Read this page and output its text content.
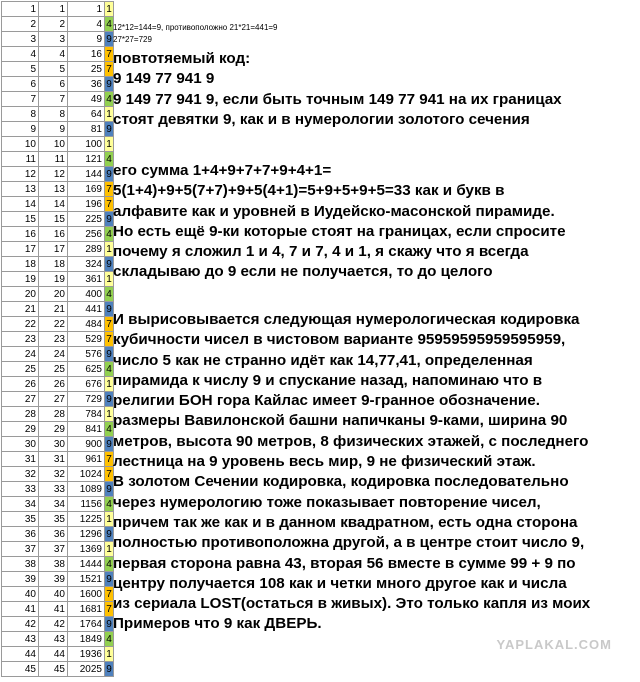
1	1	1	1
2	2	4	4
3	3	9	9
4	4	16	7
5	5	25	7
6	6	36	9
7	7	49	4
8	8	64	1
9	9	81	9
10	10	100	1
11	11	121	4
12	12	144	9
13	13	169	7
14	14	196	7
15	15	225	9
16	16	256	4
17	17	289	1
18	18	324	9
19	19	361	1
20	20	400	4
21	21	441	9
22	22	484	7
23	23	529	7
24	24	576	9
25	25	625	4
26	26	676	1
27	27	729	9
28	28	784	1
29	29	841	4
30	30	900	9
31	31	961	7
32	32	1024	7
33	33	1089	9
34	34	1156	4
35	35	1225	1
36	36	1296	9
37	37	1369	1
38	38	1444	4
39	39	1521	9
40	40	1600	7
41	41	1681	7
42	42	1764	9
43	43	1849	4
44	44	1936	1
45	45	2025	9
12*12=144=9, противоположно 21*21=441=9
27*27=729
повтотяемый код:
9 149 77 941 9
9 149 77 941 9, если быть точным 149 77 941 на их границах
стоят девятки 9, как и в нумерологии золотого сечения
его сумма 1+4+9+7+7+9+4+1=
5(1+4)+9+5(7+7)+9+5(4+1)=5+9+5+9+5=33 как и букв в
алфавите как и уровней в Иудейско-масонской пирамиде.
Но есть ещё 9-ки которые стоят на границах, если спросите
почему я сложил 1 и 4, 7 и 7, 4 и 1, я скажу что я всегда
складываю до 9 если не получается, то до целого
И вырисовывается следующая нумерологическая кодировка
кубичности чисел в чистовом варианте 95959595959595959,
число 5 как не странно идёт как 14,77,41, определенная
пирамида к числу 9 и спускание назад, напоминаю что в
религии БОН гора Кайлас имеет 9-гранное обозначение.
размеры Вавилонской башни напичканы 9-ками, ширина 90
метров, высота 90 метров, 8 физических этажей, с последнего
лестница на 9 уровень весь мир, 9 не физический этаж.
В золотом Сечении кодировка, кодировка последовательно
через нумерологию тоже показывает повторение чисел,
причем так же как и в данном квадратном, есть одна сторона
полностью противоположна другой, а в центре стоит число 9,
первая сторона равна 43, вторая 56 вместе в сумме 99 + 9 по
центру получается 108 как и четки много другое как и числа
из сериала LOST(остаться в живых). Это только капля из моих
Примеров что 9 как ДВЕРЬ.
YAPLAKAL.COM
